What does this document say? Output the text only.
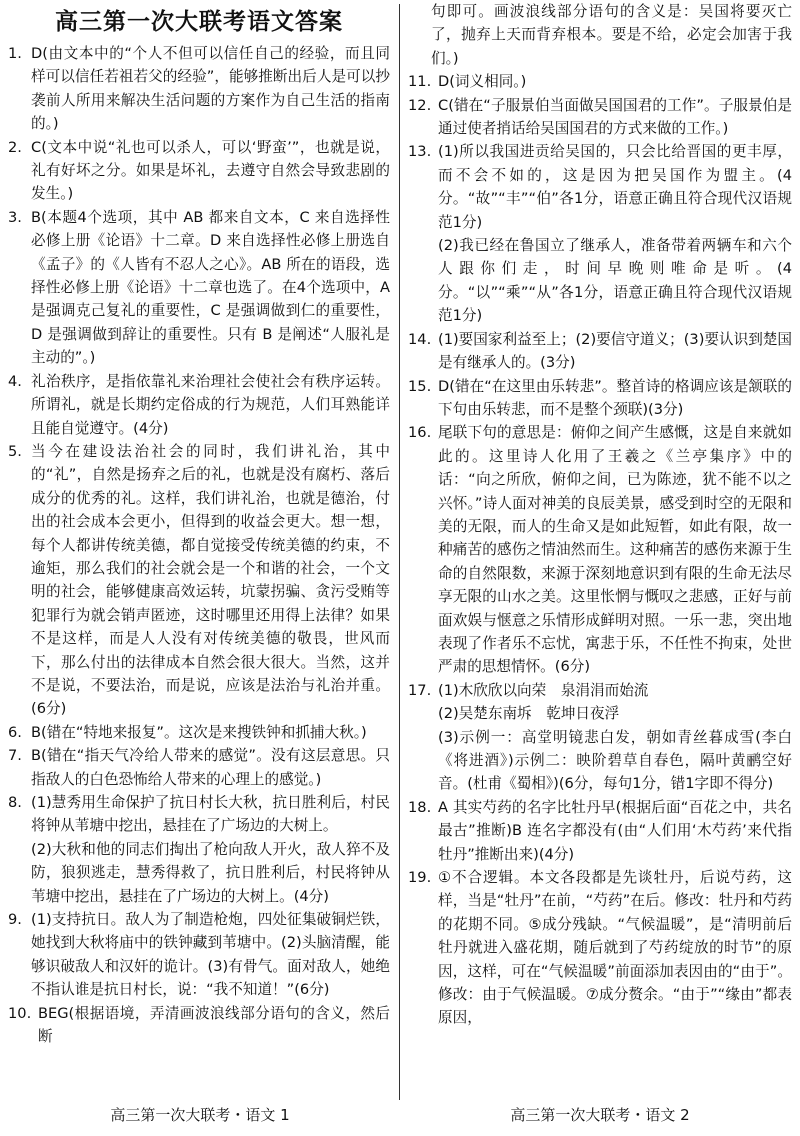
高三第一次大联考语文答案
1. D(由文本中的“个人不但可以信任自己的经验，而且同样可以信任若祖若父的经验”，能够推断出后人是可以抄袭前人所用来解决生活问题的方案作为自己生活的指南的。)
2. C(文本中说“礼也可以杀人，可以‘野蛮’”，也就是说，礼有好坏之分。如果是坏礼，去遵守自然会导致悲剧的发生。)
3. B(本题4个选项，其中 AB 都来自文本，C 来自选择性必修上册《论语》十二章。D 来自选择性必修上册选自《孟子》的《人皆有不忍人之心》。AB 所在的语段，选择性必修上册《论语》十二章也选了。在4个选项中，A 是强调克己复礼的重要性，C 是强调做到仁的重要性，D 是强调做到辞让的重要性。只有 B 是阐述“人服礼是主动的”。)
4. 礼治秩序，是指依靠礼来治理社会使社会有秩序运转。所谓礼，就是长期约定俗成的行为规范，人们耳熟能详且能自觉遵守。(4分)
5. 当今在建设法治社会的同时，我们讲礼治，其中的“礼”，自然是扬弃之后的礼，也就是没有腐朽、落后成分的优秀的礼。这样，我们讲礼治，也就是德治，付出的社会成本会更小，但得到的收益会更大。想一想，每个人都讲传统美德，都自觉接受传统美德的约束，不逾矩，那么我们的社会就会是一个和谐的社会，一个文明的社会，能够健康高效运转，坑蒙拐骗、贪污受贿等犯罪行为就会销声匿迹，这时哪里还用得上法律？如果不是这样，而是人人没有对传统美德的敬畏，世风而下，那么付出的法律成本自然会很大很大。当然，这并不是说，不要法治，而是说，应该是法治与礼治并重。(6分)
6. B(错在“特地来报复”。这次是来搜铁钟和抓捕大秋。)
7. B(错在“指天气冷给人带来的感觉”。没有这层意思。只指敌人的白色恐怖给人带来的心理上的感觉。)
8. (1)慧秀用生命保护了抗日村长大秋，抗日胜利后，村民将钟从苇塘中挖出，悬挂在了广场边的大树上。
(2)大秋和他的同志们掏出了枪向敌人开火，敌人猝不及防，狼狈逃走，慧秀得救了，抗日胜利后，村民将钟从苇塘中挖出，悬挂在了广场边的大树上。(4分)
9. (1)支持抗日。敌人为了制造枪炮，四处征集破铜烂铁，她找到大秋将庙中的铁钟藏到苇塘中。(2)头脑清醒，能够识破敌人和汉奸的诡计。(3)有骨气。面对敌人，她绝不指认谁是抗日村长，说：“我不知道！”(6分)
10. BEG(根据语境，弄清画波浪线部分语句的含义，然后断
句即可。画波浪线部分语句的含义是：吴国将要灭亡了，抛弃上天而背弃根本。要是不给，必定会加害于我们。)
11. D(词义相同。)
12. C(错在“子服景伯当面做吴国国君的工作”。子服景伯是通过使者捎话给吴国国君的方式来做的工作。)
13. (1)所以我国进贡给吴国的，只会比给晋国的更丰厚，而不会不如的，这是因为把吴国作为盟主。(4分。“故”“丰”“伯”各1分，语意正确且符合现代汉语规范1分)
(2)我已经在鲁国立了继承人，准备带着两辆车和六个人跟你们走，时间早晚则唯命是听。(4分。“以”“乘”“从”各1分，语意正确且符合现代汉语规范1分)
14. (1)要国家利益至上；(2)要信守道义；(3)要认识到楚国是有继承人的。(3分)
15. D(错在“在这里由乐转悲”。整首诗的格调应该是颔联的下句由乐转悲，而不是整个颈联)(3分)
16. 尾联下句的意思是：俯仰之间产生感慨，这是自来就如此的。这里诗人化用了王羲之《兰亭集序》中的话：“向之所欣，俯仰之间，已为陈迹，犹不能不以之兴怀。”诗人面对神美的良辰美景，感受到时空的无限和美的无限，而人的生命又是如此短暂，如此有限，故一种痛苦的感伤之情油然而生。这种痛苦的感伤来源于生命的自然限数，来源于深刻地意识到有限的生命无法尽享无限的山水之美。这里怅惘与慨叹之悲感，正好与前面欢娱与惬意之乐情形成鲜明对照。一乐一悲，突出地表现了作者乐不忘忧，寓悲于乐，不任性不拘束，处世严肃的思想情怀。(6分)
17. (1)木欣欣以向荣　泉涓涓而始流
(2)吴楚东南坼　乾坤日夜浮
(3)示例一：高堂明镜悲白发，朝如青丝暮成雪(李白《将进酒》)示例二：映阶碧草自春色，隔叶黄鹂空好音。(杜甫《蜀相》)(6分，每句1分，错1字即不得分)
18. A 其实芍药的名字比牡丹早(根据后面“百花之中，共名最古”推断)B 连名字都没有(由“人们用‘木芍药’来代指牡丹”推断出来)(4分)
19. ①不合逻辑。本文各段都是先谈牡丹，后说芍药，这样，当是“牡丹”在前，“芍药”在后。修改：牡丹和芍药的花期不同。⑤成分残缺。“气候温暖”，是“清明前后牡丹就进入盛花期，随后就到了芍药绽放的时节”的原因，这样，可在“气候温暖”前面添加表因由的“由于”。修改：由于气候温暖。⑦成分赘余。“由于”“缘由”都表原因，
高三第一次大联考・语文 1	高三第一次大联考・语文 2
